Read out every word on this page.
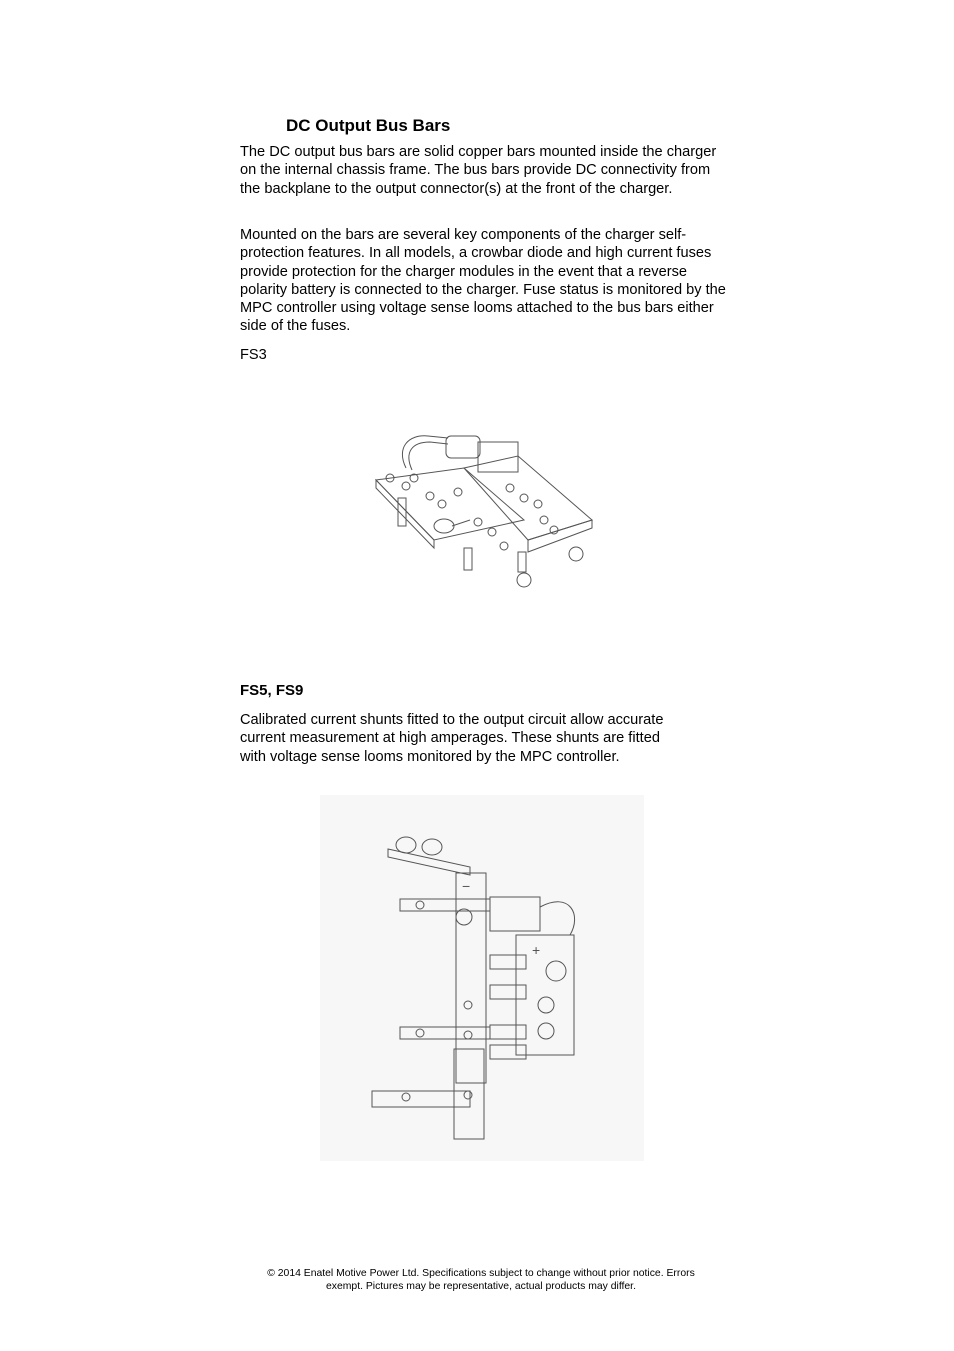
DC Output Bus Bars
The DC output bus bars are solid copper bars mounted inside the charger on the internal chassis frame. The bus bars provide DC connectivity from the backplane to the output connector(s) at the front of the charger.
Mounted on the bars are several key components of the charger self-protection features. In all models, a crowbar diode and high current fuses provide protection for the charger modules in the event that a reverse polarity battery is connected to the charger. Fuse status is monitored by the MPC controller using voltage sense looms attached to the bus bars either side of the fuses.
FS3
FS5, FS9
Calibrated current shunts fitted to the output circuit allow accurate current measurement at high amperages. These shunts are fitted with voltage sense looms monitored by the MPC controller.
+
−
© 2014 Enatel Motive Power Ltd. Specifications subject to change without prior notice. Errors
exempt. Pictures may be representative, actual products may differ.
